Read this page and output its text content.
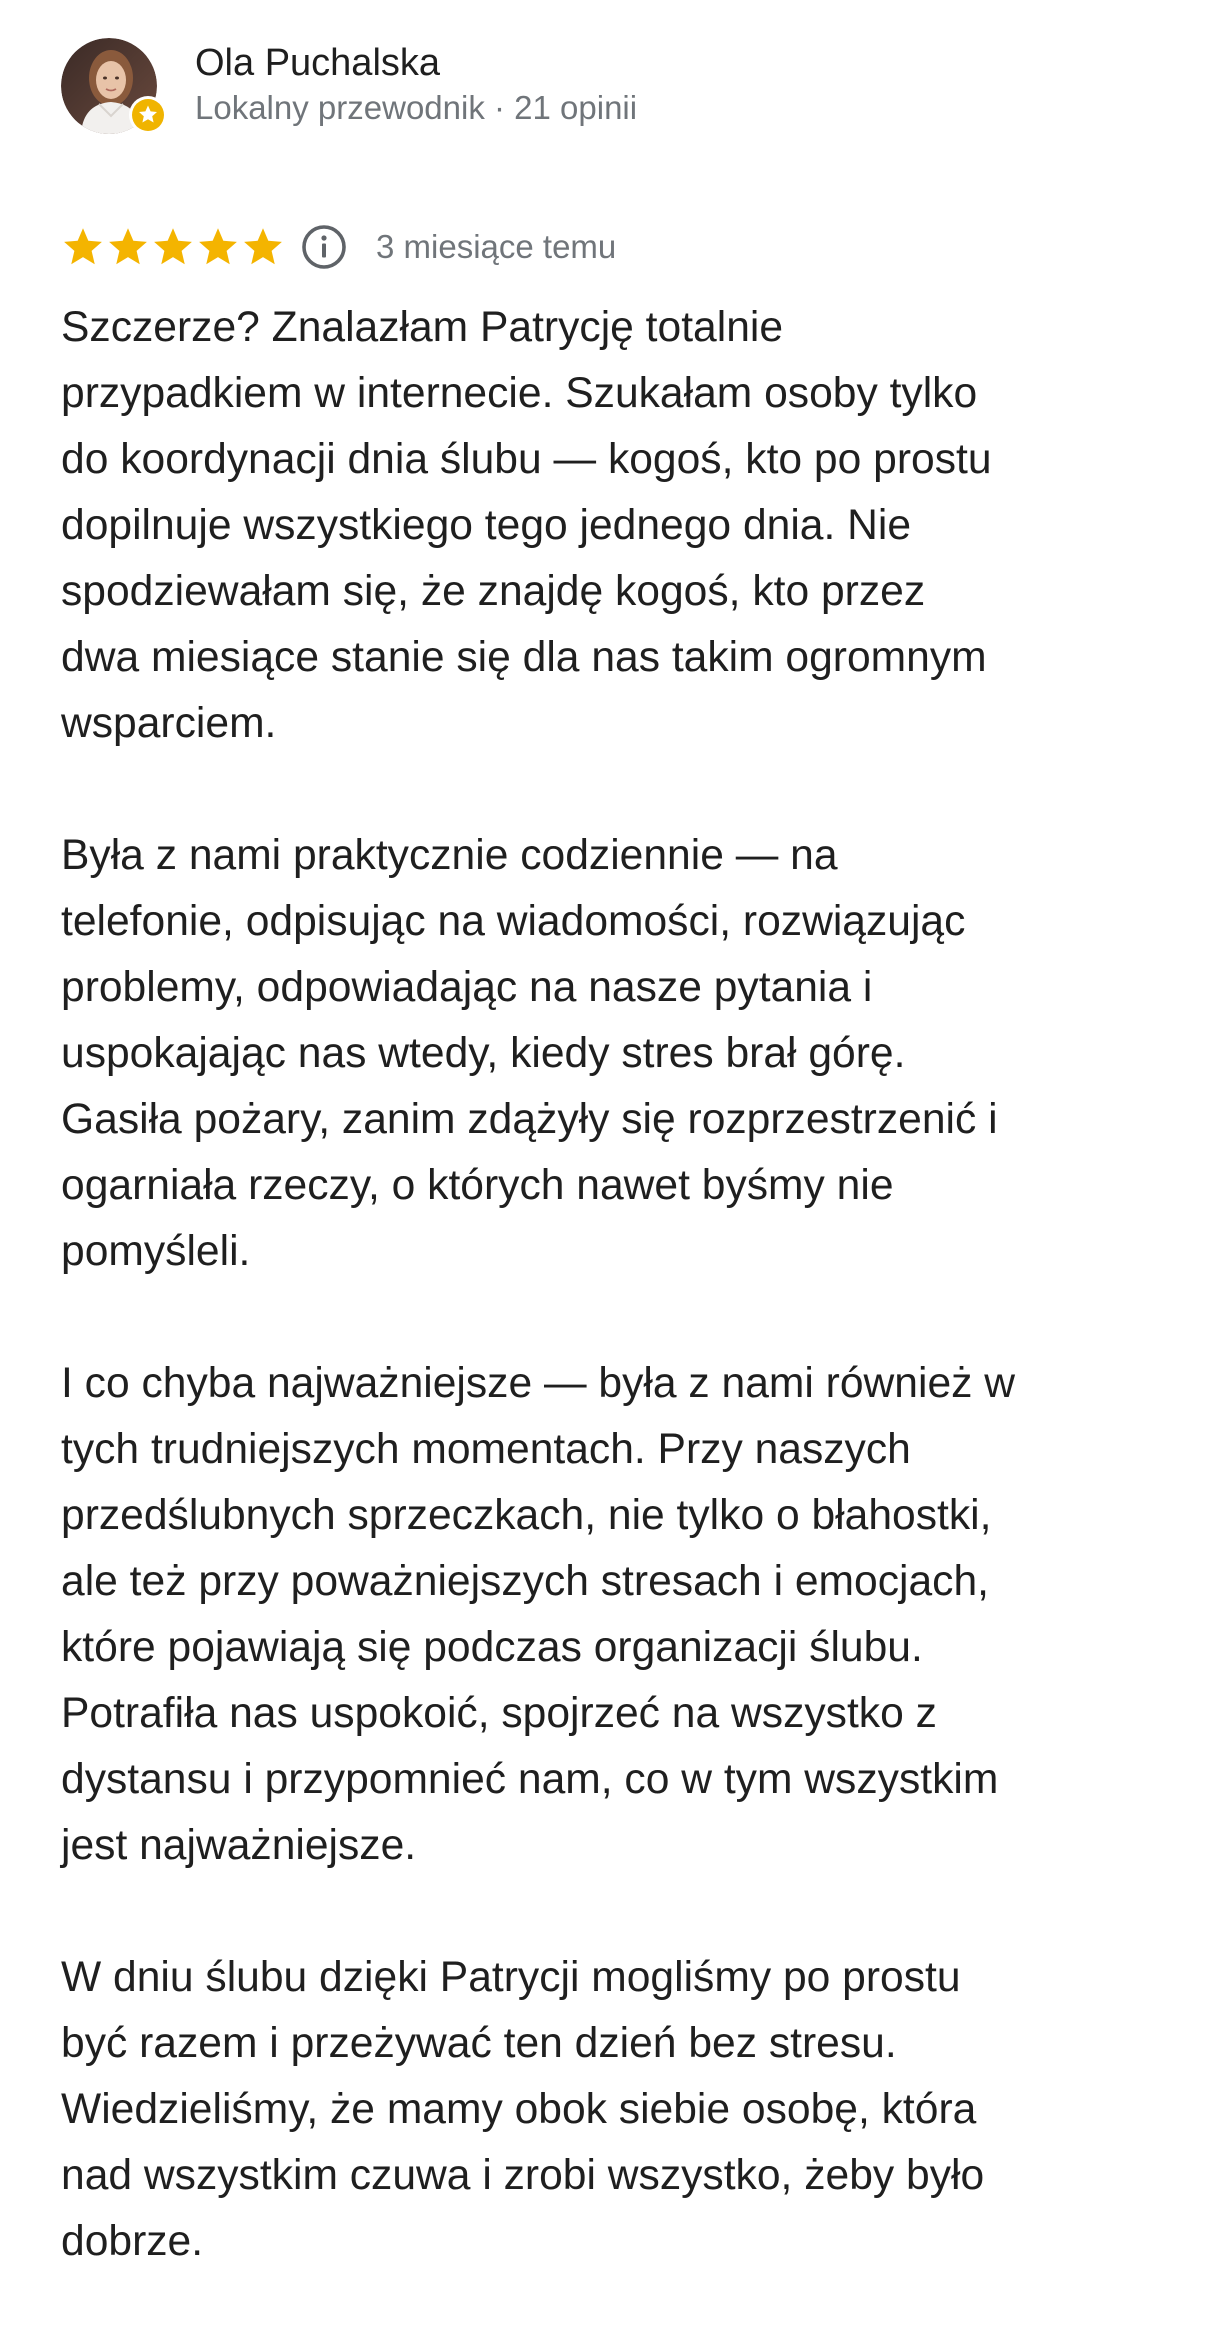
Ola Puchalska
Lokalny przewodnik · 21 opinii
3 miesiące temu
Szczerze? Znalazłam Patrycję totalnie
przypadkiem w internecie. Szukałam osoby tylko
do koordynacji dnia ślubu — kogoś, kto po prostu
dopilnuje wszystkiego tego jednego dnia. Nie
spodziewałam się, że znajdę kogoś, kto przez
dwa miesiące stanie się dla nas takim ogromnym
wsparciem.
Była z nami praktycznie codziennie — na
telefonie, odpisując na wiadomości, rozwiązując
problemy, odpowiadając na nasze pytania i
uspokajając nas wtedy, kiedy stres brał górę.
Gasiła pożary, zanim zdążyły się rozprzestrzenić i
ogarniała rzeczy, o których nawet byśmy nie
pomyśleli.
I co chyba najważniejsze — była z nami również w
tych trudniejszych momentach. Przy naszych
przedślubnych sprzeczkach, nie tylko o błahostki,
ale też przy poważniejszych stresach i emocjach,
które pojawiają się podczas organizacji ślubu.
Potrafiła nas uspokoić, spojrzeć na wszystko z
dystansu i przypomnieć nam, co w tym wszystkim
jest najważniejsze.
W dniu ślubu dzięki Patrycji mogliśmy po prostu
być razem i przeżywać ten dzień bez stresu.
Wiedzieliśmy, że mamy obok siebie osobę, która
nad wszystkim czuwa i zrobi wszystko, żeby było
dobrze.
